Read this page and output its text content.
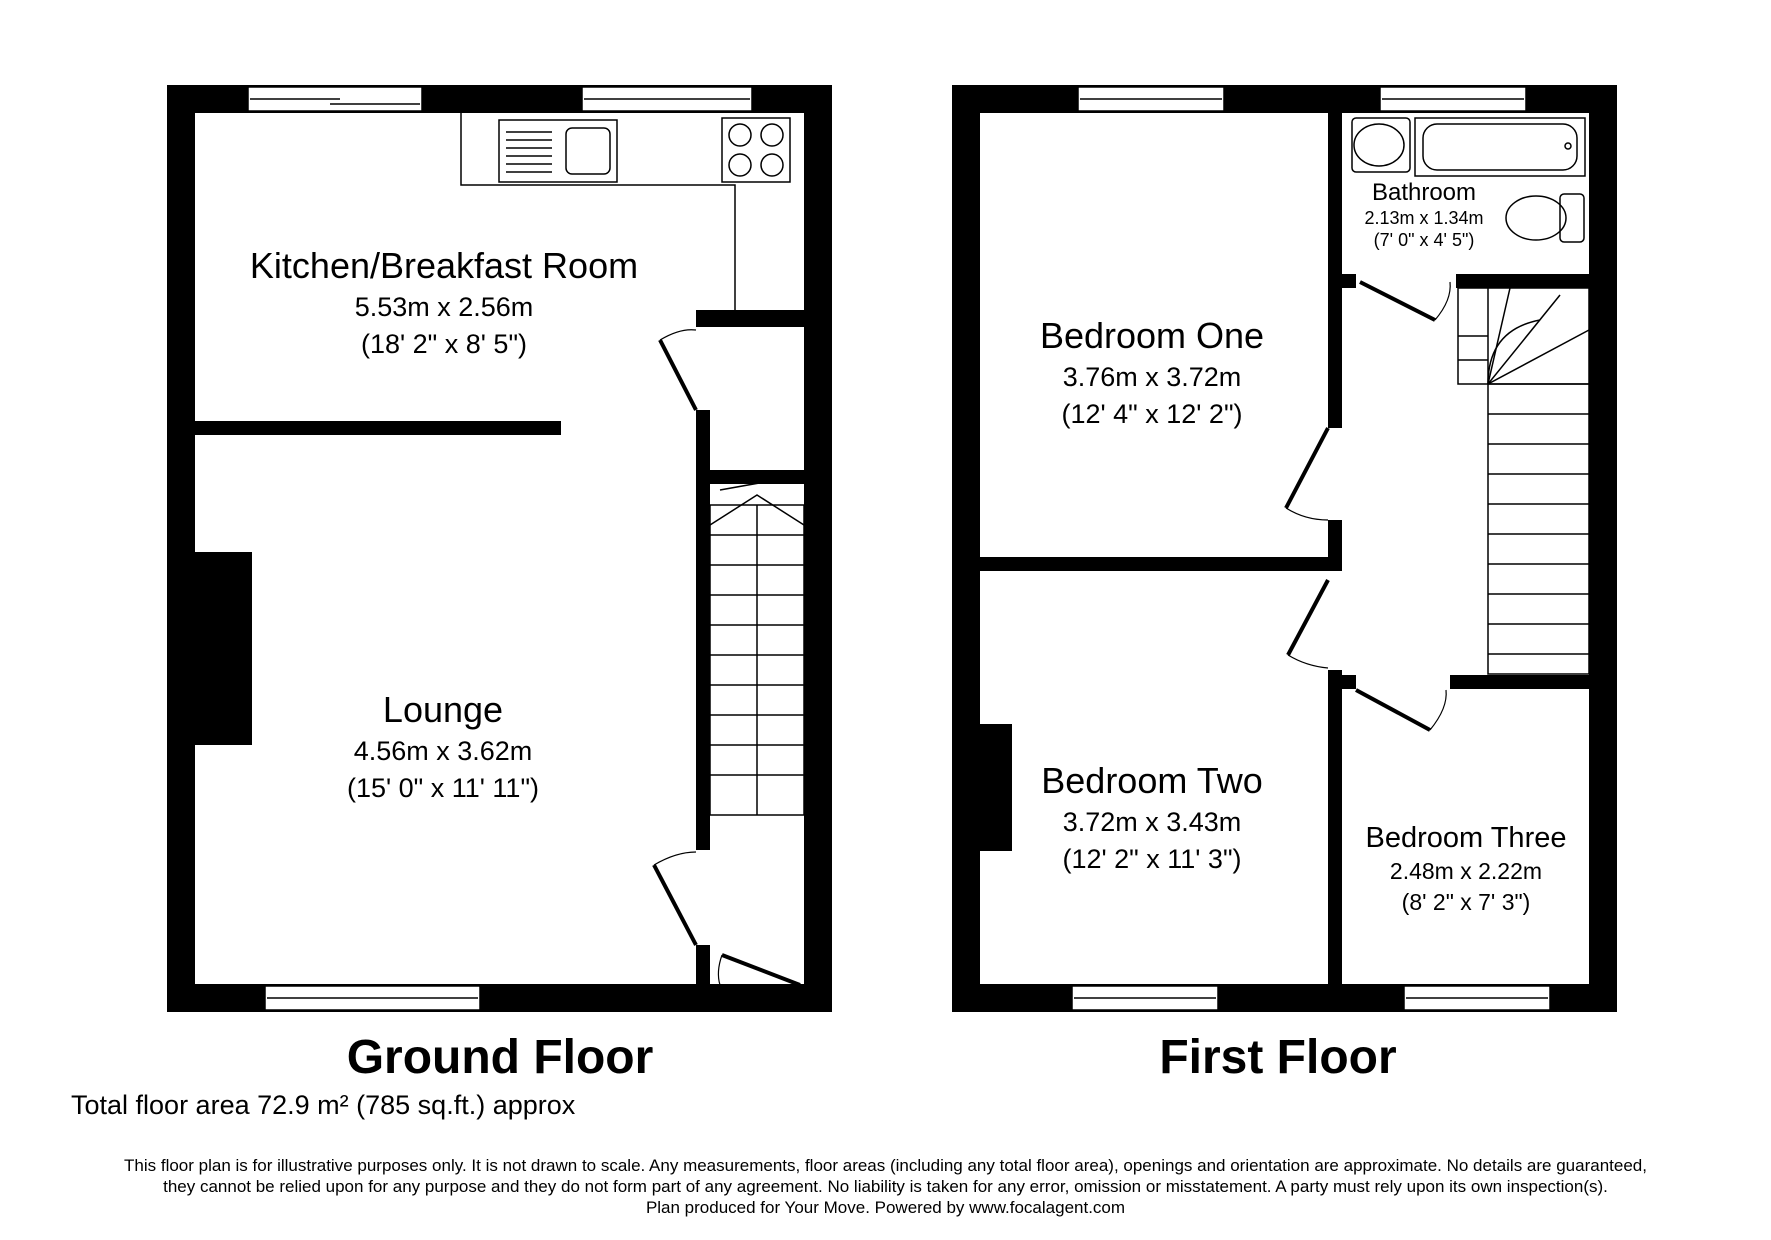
Kitchen/Breakfast Room
5.53m x 2.56m
(18' 2" x 8' 5")
Lounge
4.56m x 3.62m
(15' 0" x 11' 11")
Bedroom One
3.76m x 3.72m
(12' 4" x 12' 2")
Bathroom
2.13m x 1.34m
(7' 0" x 4' 5")
Bedroom Two
3.72m x 3.43m
(12' 2" x 11' 3")
Bedroom Three
2.48m x 2.22m
(8' 2" x 7' 3")
Ground Floor	First Floor
Total floor area 72.9 m² (785 sq.ft.) approx
This floor plan is for illustrative purposes only. It is not drawn to scale. Any measurements, floor areas (including any total floor area), openings and orientation are approximate. No details are guaranteed,
they cannot be relied upon for any purpose and they do not form part of any agreement. No liability is taken for any error, omission or misstatement. A party must rely upon its own inspection(s).
Plan produced for Your Move. Powered by www.focalagent.com
